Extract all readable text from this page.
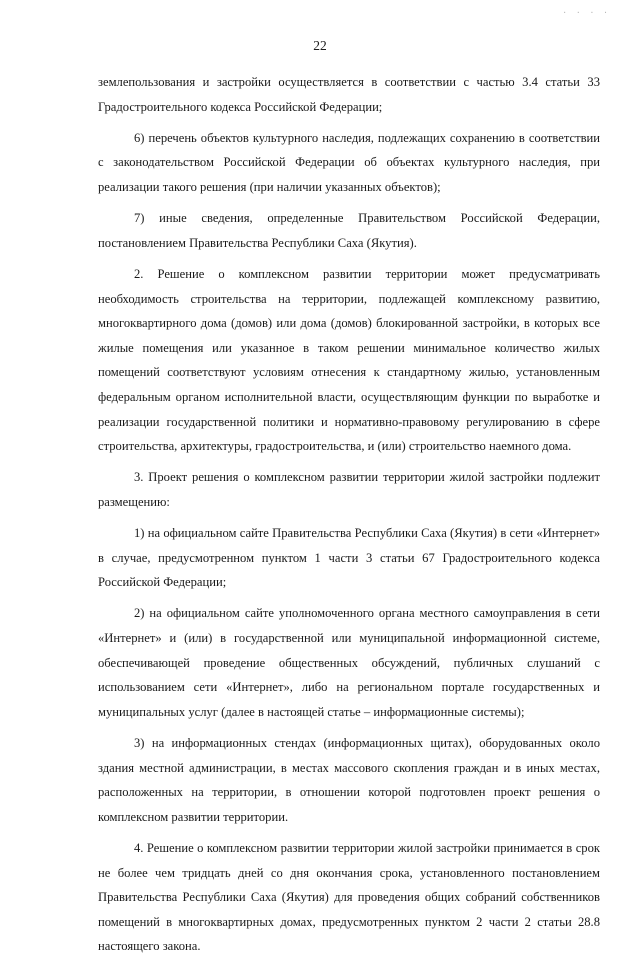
. . . .
22

землепользования и застройки осуществляется в соответствии с частью 3.4 статьи 33 Градостроительного кодекса Российской Федерации;

6) перечень объектов культурного наследия, подлежащих сохранению в соответствии с законодательством Российской Федерации об объектах культурного наследия, при реализации такого решения (при наличии указанных объектов);

7) иные сведения, определенные Правительством Российской Федерации, постановлением Правительства Республики Саха (Якутия).

2. Решение о комплексном развитии территории может предусматривать необходимость строительства на территории, подлежащей комплексному развитию, многоквартирного дома (домов) или дома (домов) блокированной застройки, в которых все жилые помещения или указанное в таком решении минимальное количество жилых помещений соответствуют условиям отнесения к стандартному жилью, установленным федеральным органом исполнительной власти, осуществляющим функции по выработке и реализации государственной политики и нормативно-правовому регулированию в сфере строительства, архитектуры, градостроительства, и (или) строительство наемного дома.

3. Проект решения о комплексном развитии территории жилой застройки подлежит размещению:

1) на официальном сайте Правительства Республики Саха (Якутия) в сети «Интернет» в случае, предусмотренном пунктом 1 части 3 статьи 67 Градостроительного кодекса Российской Федерации;

2) на официальном сайте уполномоченного органа местного самоуправления в сети «Интернет» и (или) в государственной или муниципальной информационной системе, обеспечивающей проведение общественных обсуждений, публичных слушаний с использованием сети «Интернет», либо на региональном портале государственных и муниципальных услуг (далее в настоящей статье – информационные системы);

3) на информационных стендах (информационных щитах), оборудованных около здания местной администрации, в местах массового скопления граждан и в иных местах, расположенных на территории, в отношении которой подготовлен проект решения о комплексном развитии территории.

4. Решение о комплексном развитии территории жилой застройки принимается в срок не более чем тридцать дней со дня окончания срока, установленного постановлением Правительства Республики Саха (Якутия) для проведения общих собраний собственников помещений в многоквартирных домах, предусмотренных пунктом 2 части 2 статьи 28.8 настоящего закона.
